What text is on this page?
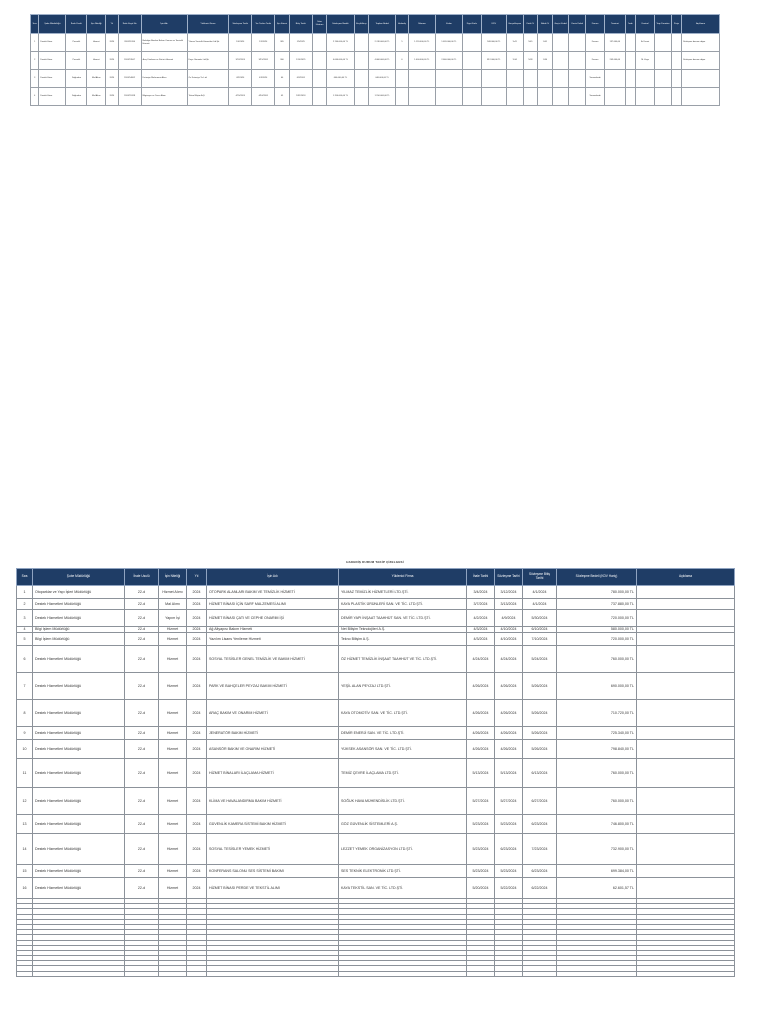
Sıra	Şube Müdürlüğü	İhale Usulü	İşin Niteliği	Yıl	İhale Kayıt No	İşin Adı	Yüklenici Firma	Sözleşme Tarihi	Yer Teslim Tarihi	İşin Süresi	Bitiş Tarihi	Süre Uzatımı	Sözleşme Bedeli	Keşif Artışı	Toplam Bedel	Hakediş	Ödenen	Kalan	Fiyat Farkı	KDV	Gerçekleşme	Fiziki %	Nakdi %	Geçici Kabul	Kesin Kabul	Durum	Teminat	İade	Kontrol	Yapı Denetim	Proje	Açıklama
1	Destek Hizm.	Pazarlık	Hizmet	2024	2024/11204	Belediye Binaları Bakım Onarım ve Temizlik Hizmeti	Yılmaz Temizlik Hizmetleri Ltd.Şti.	1/4/2024	1/5/2024	365	1/5/2025		2.740.000,00 TL		2.740.000,00 TL	5	1.120.000,00 TL	1.620.000,00 TL		548.000,00 TL	%41	%45	%41			Devam	137.000,00		A. Demir			Sözleşme devam ediyor
2	Destek Hizm.	Pazarlık	Hizmet	2024	2024/13507	Araç Kiralama ve Sürücü Hizmeti	Kaya Otomotiv Ltd.Şti.	3/12/2024	3/15/2024	300	1/10/2025		4.060.000,00 TL		4.060.000,00 TL	6	1.400.000,00 TL	2.660.000,00 TL		812.000,00 TL	%34	%38	%34			Devam	203.000,00		M. Kaya			Sözleşme devam ediyor
3	Destek Hizm.	Doğrudan	Mal Alımı	2024	2024/14602	Kırtasiye Malzemesi Alımı	Öz Kırtasiye Tic.Ltd.	4/2/2024	4/3/2024	60	6/2/2024		640.000,00 TL		640.000,00 TL											Tamamlandı						
4	Destek Hizm.	Doğrudan	Mal Alımı	2024	2024/15318	Bilgisayar ve Yazıcı Alımı	Tekno Bilişim A.Ş.	4/15/2024	4/16/2024	45	5/31/2024		1.150.000,00 TL		1.150.000,00 TL											Tamamlandı						
HAKEDİŞ DURUM TAKİP ÇİZELGESİ
Sıra	Şube Müdürlüğü	İhale Usulü	İşin Niteliği	Yıl	İşin Adı	Yüklenici Firma	İhale Tarihi	Sözleşme Tarihi	Sözleşme Bitiş Tarihi	Sözleşme Bedeli (KDV Hariç)	Açıklama
1	Otoparklar ve Yapı İşleri Müdürlüğü	22-d	Hizmet Alımı	2024	OTOPARK ALANLARI BAKIM VE TEMİZLİK HİZMETİ	YILMAZ TEMİZLİK HİZMETLERİ LTD.ŞTİ.	3/4/2024	3/12/2024	4/1/2024	780.000,00 TL	
2	Destek Hizmetleri Müdürlüğü	22-d	Mal Alımı	2024	HİZMET BİNASI İÇİN SARF MALZEMESİ ALIMI	KAYA PLASTİK ÜRÜNLERİ SAN. VE TİC. LTD.ŞTİ.	3/7/2024	3/13/2024	4/1/2024	737.880,00 TL	
3	Destek Hizmetleri Müdürlüğü	22-d	Yapım İşi	2024	HİZMET BİNASI ÇATI VE CEPHE ONARIM İŞİ	DEMİR YAPI İNŞAAT TAAHHÜT SAN. VE TİC. LTD.ŞTİ.	4/2/2024	4/9/2024	5/30/2024	720.000,00 TL	
4	Bilgi İşlem Müdürlüğü	22-d	Hizmet	2024	Ağ Altyapısı Bakım Hizmeti	Net Bilişim Teknolojileri A.Ş.	4/3/2024	4/10/2024	6/10/2024	580.000,00 TL	
5	Bilgi İşlem Müdürlüğü	22-d	Hizmet	2024	Yazılım Lisans Yenileme Hizmeti	Tekno Bilişim A.Ş.	4/3/2024	4/10/2024	7/10/2024	720.000,00 TL	
6	Destek Hizmetleri Müdürlüğü	22-d	Hizmet	2024	SOSYAL TESİSLER GENEL TEMİZLİK VE BAKIM HİZMETİ	ÖZ HİZMET TEMİZLİK İNŞAAT TAAHHÜT VE TİC. LTD.ŞTİ.	4/24/2024	4/24/2024	5/24/2024	760.000,00 TL	
7	Destek Hizmetleri Müdürlüğü	22-d	Hizmet	2024	PARK VE BAHÇELER PEYZAJ BAKIM HİZMETİ	YEŞİL ALAN PEYZAJ LTD.ŞTİ.	4/26/2024	4/26/2024	5/26/2024	690.000,00 TL	
8	Destek Hizmetleri Müdürlüğü	22-d	Hizmet	2024	ARAÇ BAKIM VE ONARIM HİZMETİ	KAYA OTOMOTİV SAN. VE TİC. LTD.ŞTİ.	4/26/2024	4/26/2024	5/26/2024	710.720,00 TL	
9	Destek Hizmetleri Müdürlüğü	22-d	Hizmet	2024	JENERATÖR BAKIM HİZMETİ	DEMİR ENERJİ SAN. VE TİC. LTD.ŞTİ.	4/26/2024	4/26/2024	5/26/2024	725.340,00 TL	
10	Destek Hizmetleri Müdürlüğü	22-d	Hizmet	2024	ASANSÖR BAKIM VE ONARIM HİZMETİ	YÜKSEK ASANSÖR SAN. VE TİC. LTD.ŞTİ.	4/26/2024	4/26/2024	5/26/2024	798.840,00 TL	
11	Destek Hizmetleri Müdürlüğü	22-d	Hizmet	2024	HİZMET BİNALARI İLAÇLAMA HİZMETİ	TEMİZ ÇEVRE İLAÇLAMA LTD.ŞTİ.	5/13/2024	5/13/2024	6/13/2024	760.000,00 TL	
12	Destek Hizmetleri Müdürlüğü	22-d	Hizmet	2024	KLİMA VE HAVALANDIRMA BAKIM HİZMETİ	SOĞUK HAVA MÜHENDİSLİK LTD.ŞTİ.	5/27/2024	5/27/2024	6/27/2024	760.000,00 TL	
13	Destek Hizmetleri Müdürlüğü	22-d	Hizmet	2024	GÜVENLİK KAMERA SİSTEMİ BAKIM HİZMETİ	GÖZ GÜVENLİK SİSTEMLERİ A.Ş.	5/23/2024	5/23/2024	6/23/2024	746.800,00 TL	
14	Destek Hizmetleri Müdürlüğü	22-d	Hizmet	2024	SOSYAL TESİSLER YEMEK HİZMETİ	LEZZET YEMEK ORGANİZASYON LTD.ŞTİ.	5/23/2024	6/23/2024	7/23/2024	732.900,00 TL	
15	Destek Hizmetleri Müdürlüğü	22-d	Hizmet	2024	KONFERANS SALONU SES SİSTEMİ BAKIMI	SES TEKNİK ELEKTRONİK LTD.ŞTİ.	5/23/2024	5/23/2024	6/23/2024	699.384,00 TL	
16	Destek Hizmetleri Müdürlüğü	22-d	Hizmet	2024	HİZMET BİNASI PERDE VE TEKSTİL ALIMI	KAYA TEKSTİL SAN. VE TİC. LTD.ŞTİ.	5/20/2024	5/22/2024	6/22/2024	62.601,57 TL	
